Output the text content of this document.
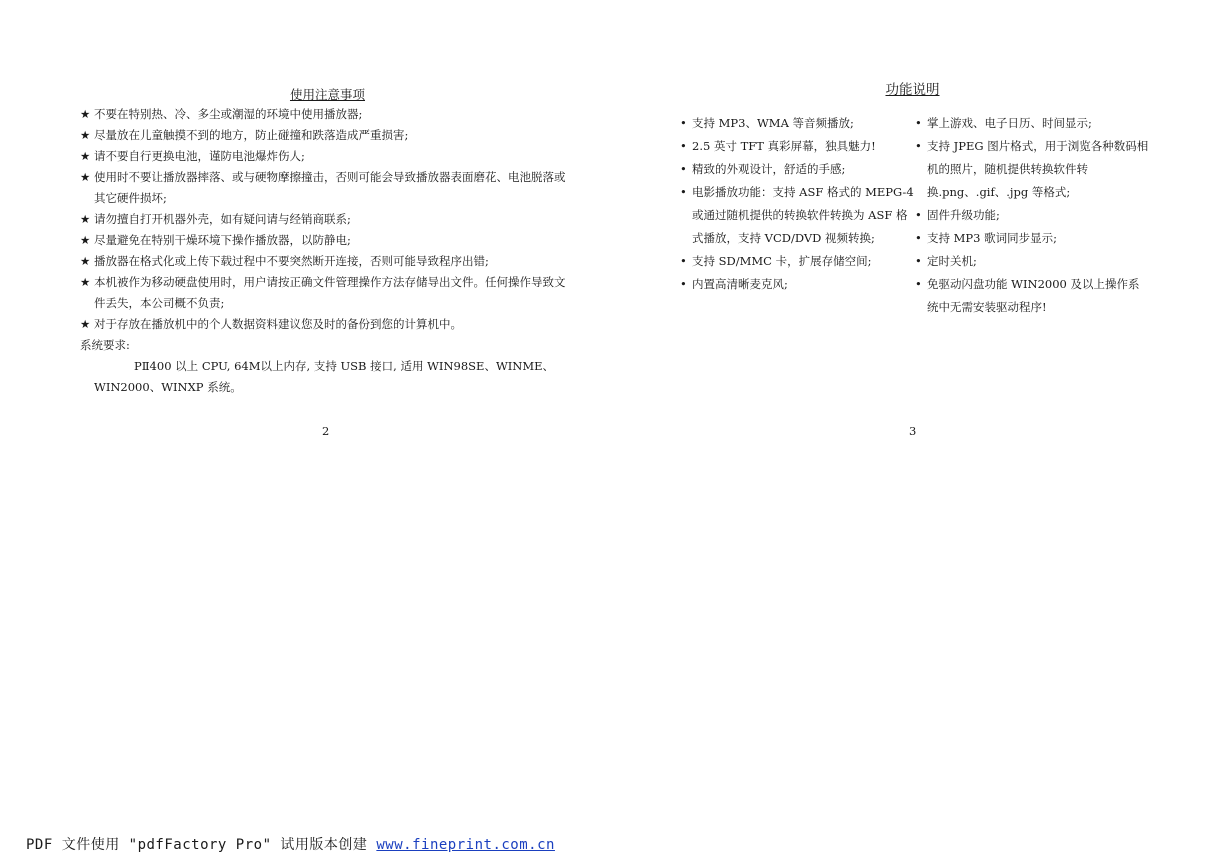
使用注意事项

★ 不要在特别热、冷、多尘或潮湿的环境中使用播放器;
★ 尽量放在儿童触摸不到的地方，防止碰撞和跌落造成严重损害;
★ 请不要自行更换电池，谨防电池爆炸伤人;
★ 使用时不要让播放器摔落、或与硬物摩擦撞击，否则可能会导致播放器表面磨花、电池脱落或其它硬件损坏;
★ 请勿擅自打开机器外壳，如有疑问请与经销商联系;
★ 尽量避免在特别干燥环境下操作播放器，以防静电;
★ 播放器在格式化或上传下载过程中不要突然断开连接，否则可能导致程序出错;
★ 本机被作为移动硬盘使用时，用户请按正确文件管理操作方法存储导出文件。任何操作导致文件丢失，本公司概不负责;
★ 对于存放在播放机中的个人数据资料建议您及时的备份到您的计算机中。
系统要求:
PⅡ400 以上 CPU, 64M以上内存, 支持 USB 接口, 适用 WIN98SE、WINME、WIN2000、WINXP 系统。
2

功能说明

• 支持 MP3、WMA 等音频播放;
• 2.5 英寸 TFT 真彩屏幕，独具魅力!
• 精致的外观设计，舒适的手感;
• 电影播放功能：支持 ASF 格式的 MEPG-4 或通过随机提供的转换软件转换为 ASF 格式播放，支持 VCD/DVD 视频转换;
• 支持 SD/MMC 卡，扩展存储空间;
• 内置高清晰麦克风;
• 掌上游戏、电子日历、时间显示;
• 支持 JPEG 图片格式，用于浏览各种数码相机的照片，随机提供转换软件转换.png、.gif、.jpg 等格式;
• 固件升级功能;
• 支持 MP3 歌词同步显示;
• 定时关机;
• 免驱动闪盘功能 WIN2000 及以上操作系统中无需安装驱动程序!
3
PDF 文件使用 "pdfFactory Pro" 试用版本创建 www.fineprint.com.cn
